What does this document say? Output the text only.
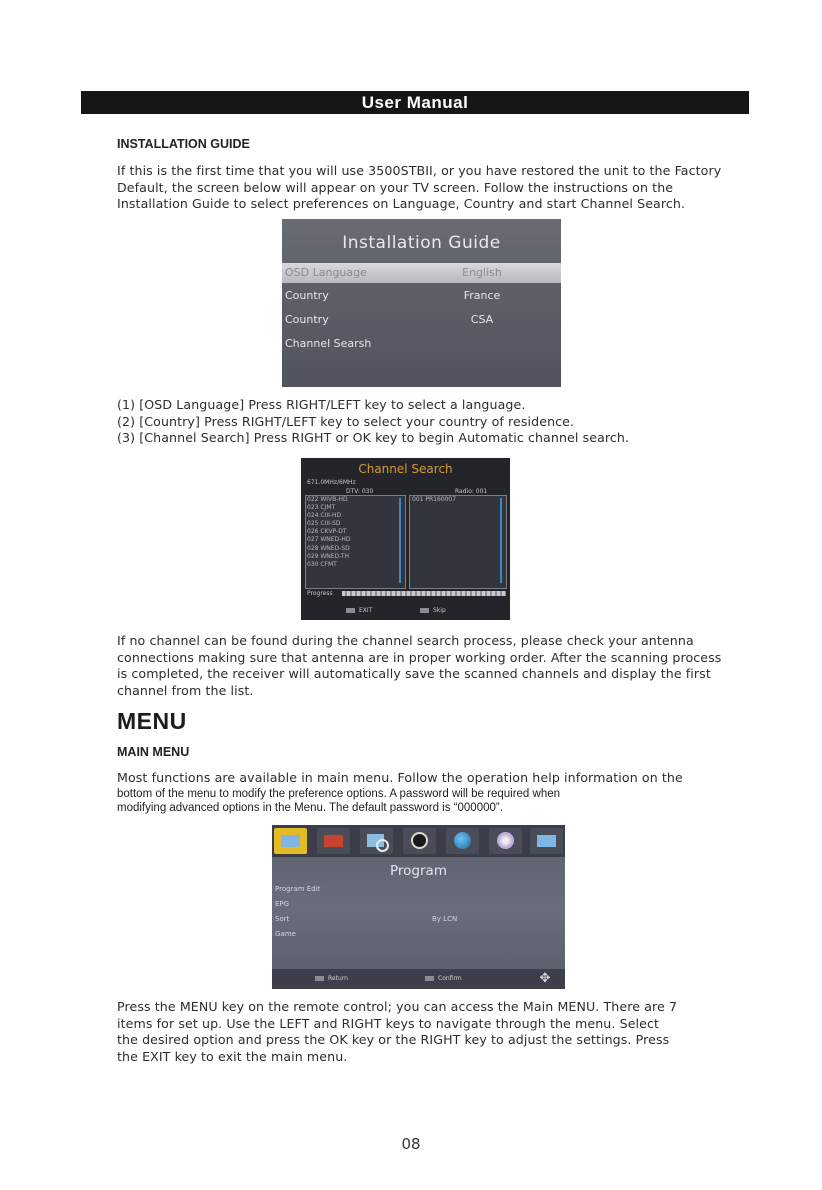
User Manual
INSTALLATION GUIDE
If this is the first time that you will use 3500STBII, or you have restored the unit to the Factory
Default, the screen below will appear on your TV screen. Follow the instructions on the
Installation Guide to select preferences on Language, Country and start Channel Search.
Installation Guide
OSD Language	English
Country	France
Country	CSA
Channel Searsh
(1) [OSD Language] Press RIGHT/LEFT key to select a language.
(2) [Country] Press RIGHT/LEFT key to select your country of residence.
(3) [Channel Search] Press RIGHT or OK key to begin Automatic channel search.
Channel Search
671.0MHz/6MHz
DTV: 030	Radio: 001
022 WIVB-HD
023 CJMT
024 CIII-HD
025 CIII-SD
026 CKVP-DT
027 WNED-HD
028 WNED-SD
029 WNED-TH
030 CFMT
001 PR160007
Progress
EXIT	Skip
If no channel can be found during the channel search process, please check your antenna
connections making sure that antenna are in proper working order. After the scanning process
is completed, the receiver will automatically save the scanned channels and display the first
channel from the list.
MENU
MAIN MENU
Most functions are available in main menu. Follow the operation help information on the
bottom of the menu to modify the preference options. A password will be required when
modifying advanced options in the Menu. The default password is “000000”.
Program
Program Edit
EPG
Sort	By LCN
Game
Return	Confirm	✥
Press the MENU key on the remote control; you can access the Main MENU. There are 7
items for set up. Use the LEFT and RIGHT keys to navigate through the menu. Select
the desired option and press the OK key or the RIGHT key to adjust the settings. Press
the EXIT key to exit the main menu.
08
